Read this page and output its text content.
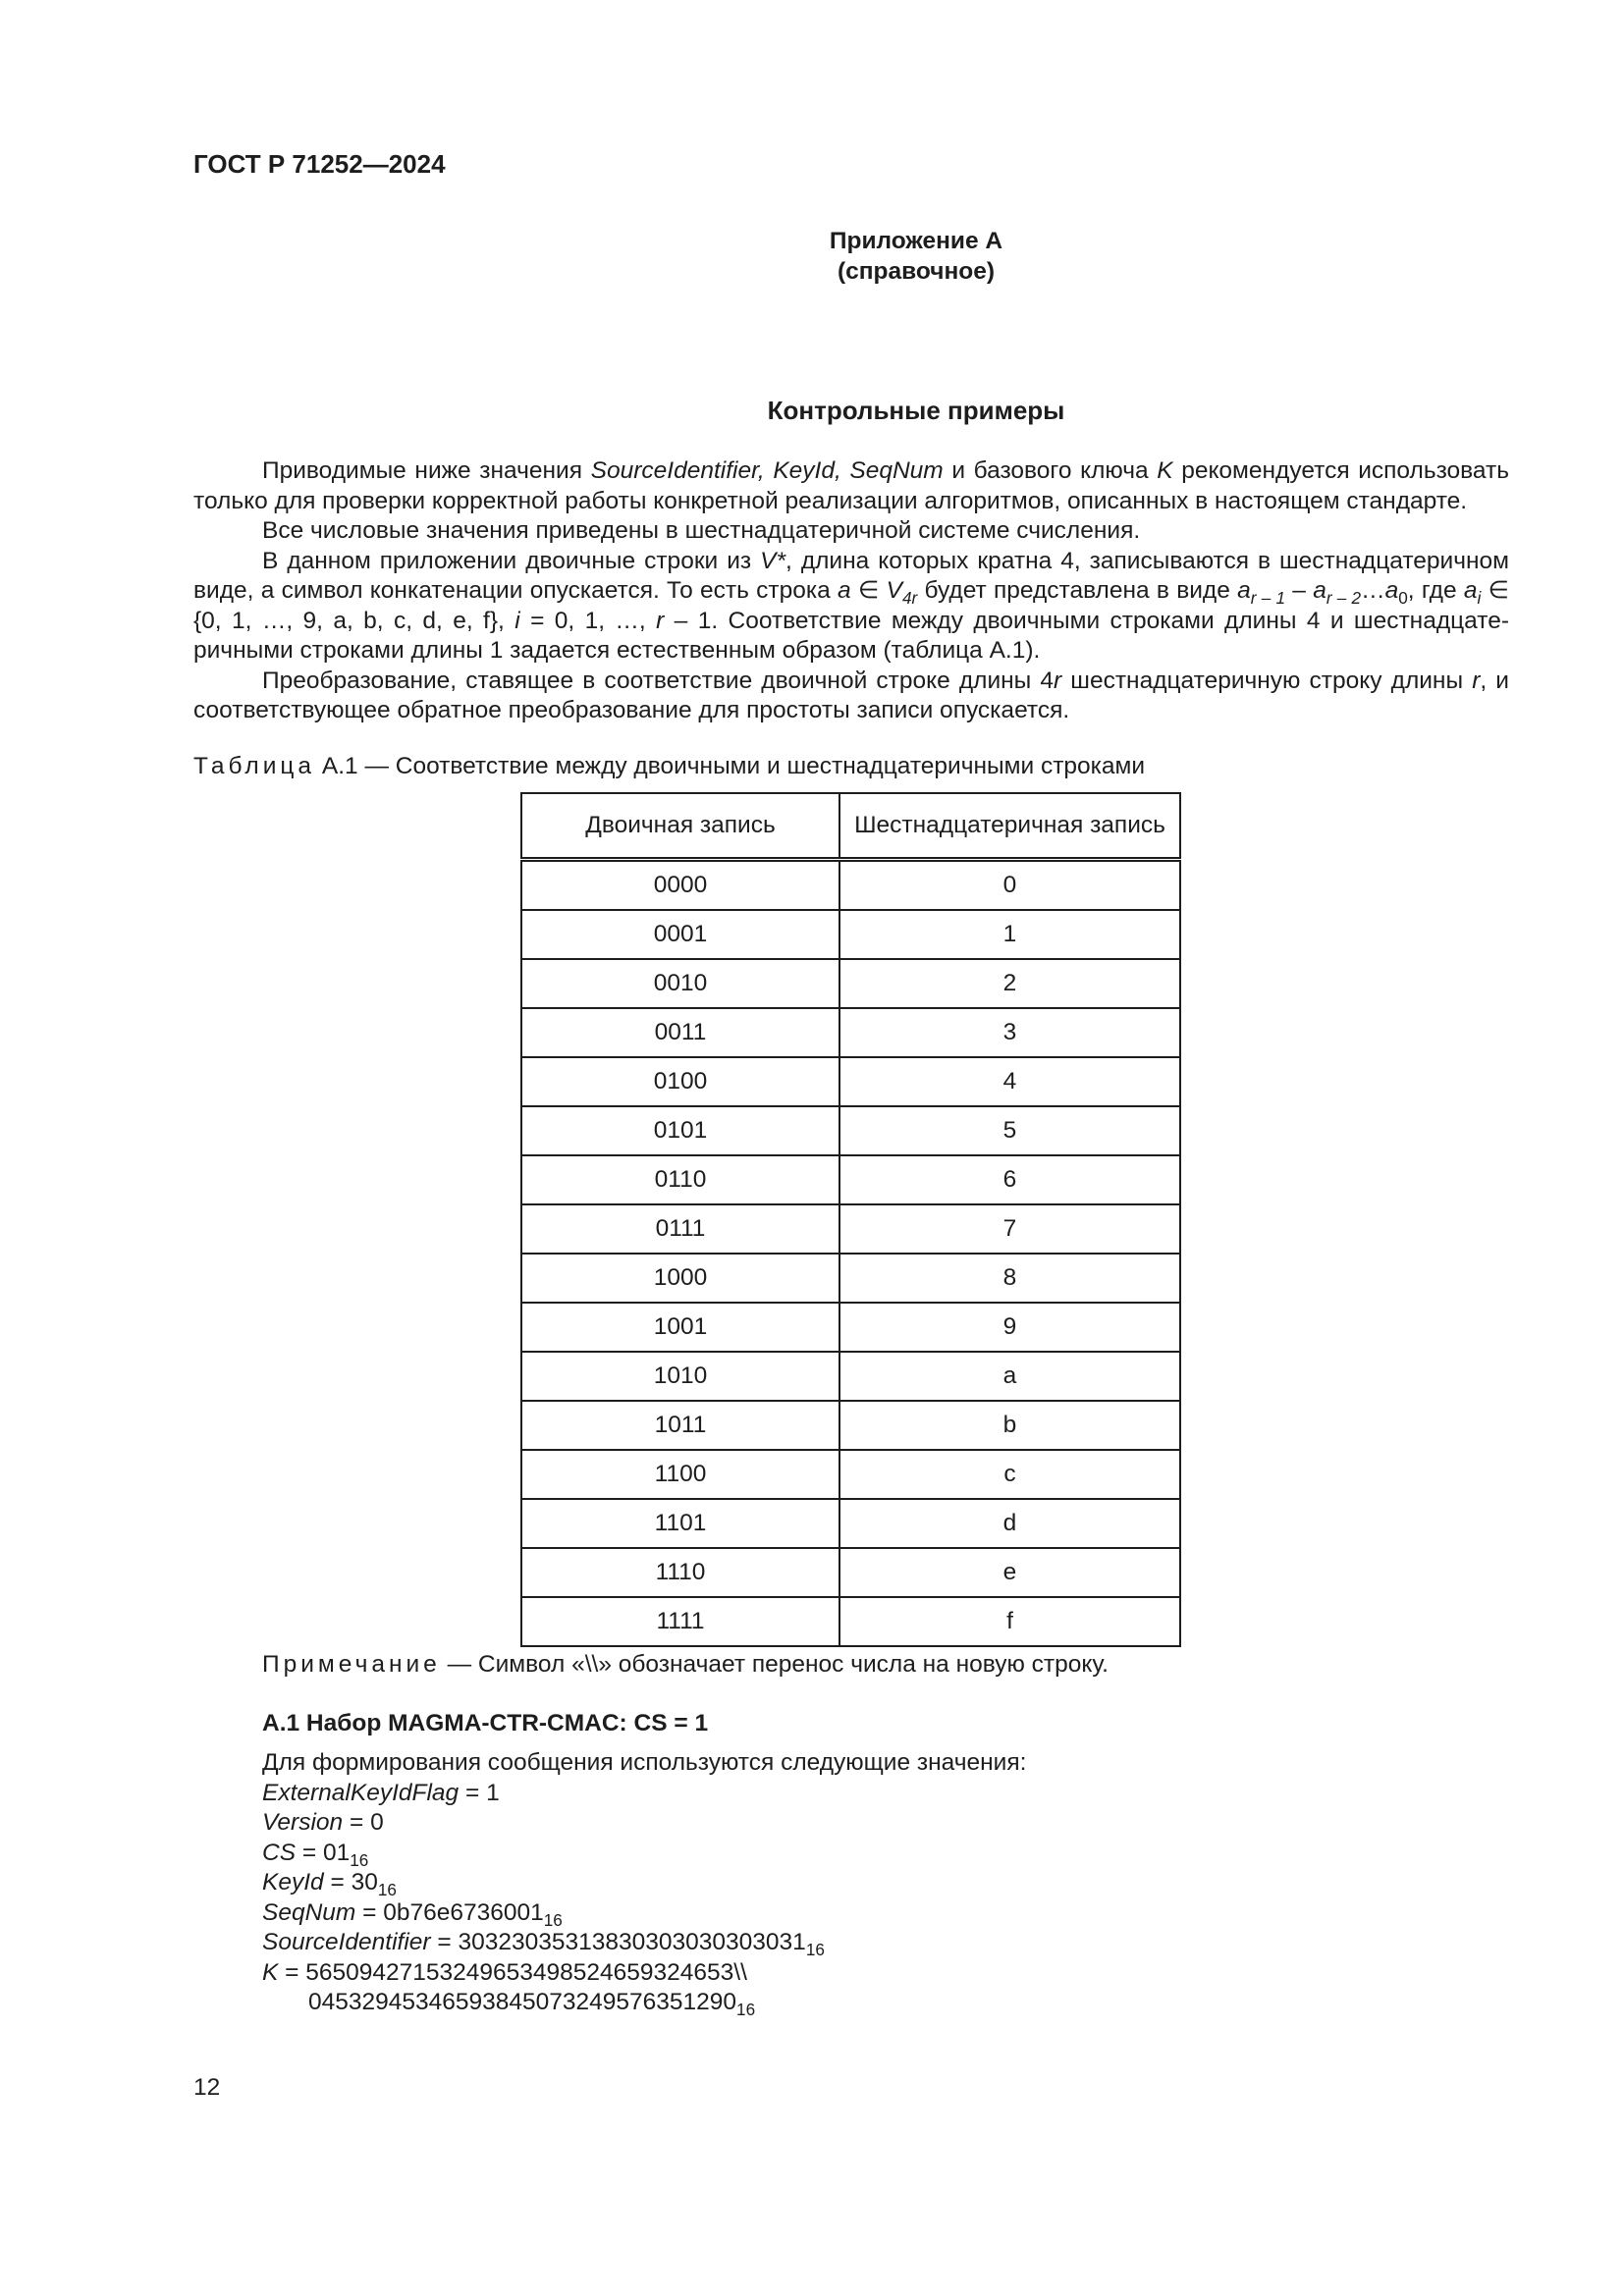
ГОСТ Р 71252—2024
Приложение А
(справочное)
Контрольные примеры

Приводимые ниже значения SourceIdentifier, KeyId, SeqNum и базового ключа K рекомендуется использовать только для проверки корректной работы конкретной реализации алгоритмов, описанных в настоящем стандарте.

Все числовые значения приведены в шестнадцатеричной системе счисления.

В данном приложении двоичные строки из V*, длина которых кратна 4, записываются в шестнадцатеричном виде, а символ конкатенации опускается. То есть строка a ∈ $V_{4r}$ будет представлена в виде $a_{r - 1}$ – $a_{r - 2}\dots a_0$, где $a_i$ ∈ {0, 1, …, 9, a, b, c, d, e, f}, i = 0, 1, …, r – 1. Соответствие между двоичными строками длины 4 и шестнадцате-ричными строками длины 1 задается естественным образом (таблица А.1).

Преобразование, ставящее в соответствие двоичной строке длины 4r шестнадцатеричную строку длины r, и соответствующее обратное преобразование для простоты записи опускается.

Таблица А.1 — Соответствие между двоичными и шестнадцатеричными строками
Двоичная запись	Шестнадцатеричная запись
0000	0
0001	1
0010	2
0011	3
0100	4
0101	5
0110	6
0111	7
1000	8
1001	9
1010	a
1011	b
1100	c
1101	d
1110	e
1111	f
Примечание — Символ «\\» обозначает перенос числа на новую строку.
А.1 Набор MAGMA-CTR-CMAC: CS = 1
Для формирования сообщения используются следующие значения:
ExternalKeyIdFlag = 1
Version = 0
CS = $01_{16}$
KeyId = $30_{16}$
SeqNum = $0b76e6736001_{16}$
SourceIdentifier = $30323035313830303030303031_{16}$
K = 56509427153249653498524659324653\\
$04532945346593845073249576351290_{16}$
12
